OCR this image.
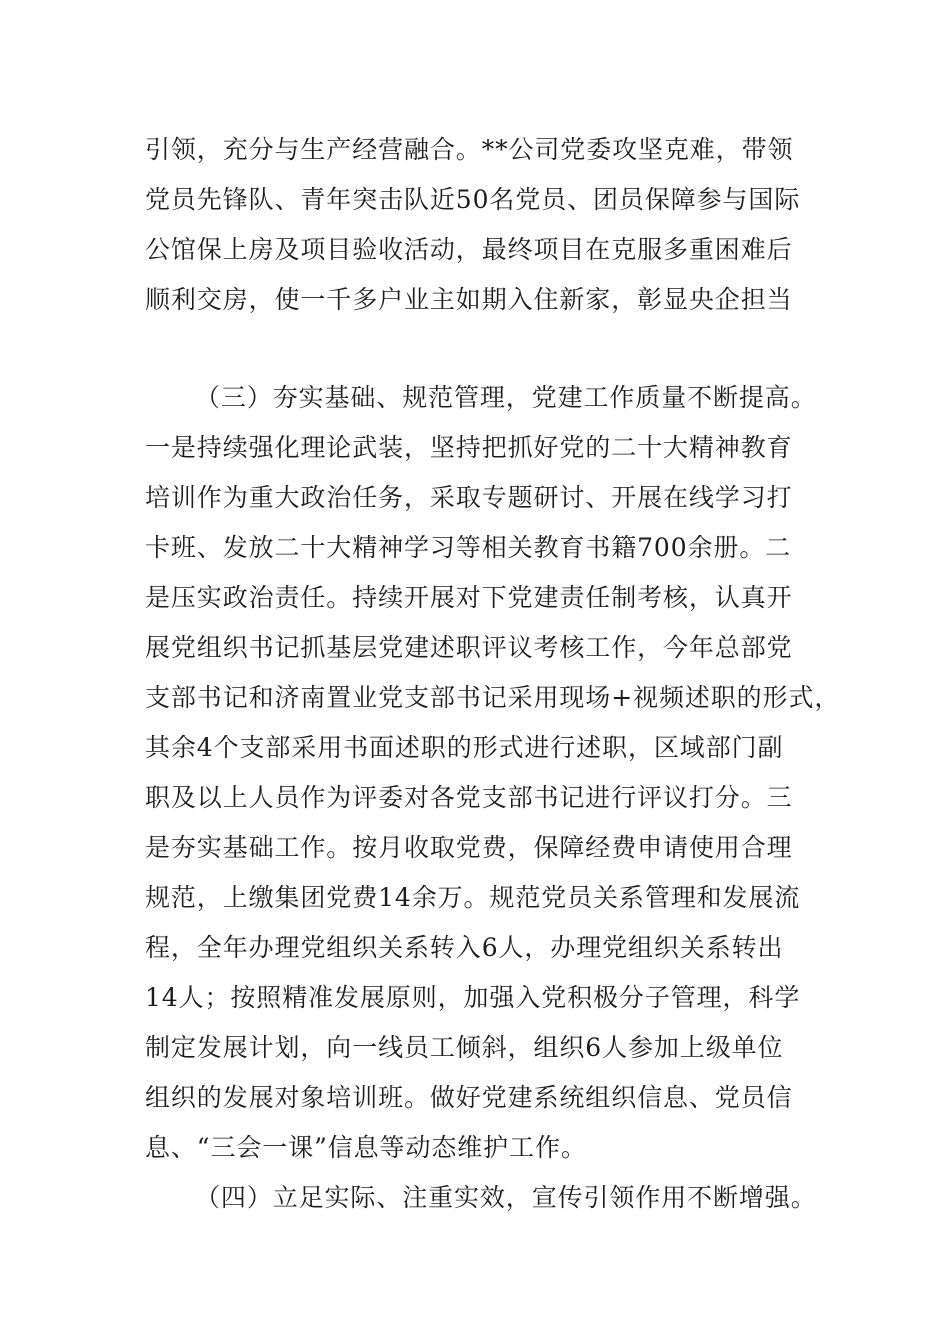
引领，充分与生产经营融合。**公司党委攻坚克难，带领

党员先锋队、青年突击队近50名党员、团员保障参与国际

公馆保上房及项目验收活动，最终项目在克服多重困难后

顺利交房，使一千多户业主如期入住新家，彰显央企担当

（三）夯实基础、规范管理，党建工作质量不断提高。

一是持续强化理论武装，坚持把抓好党的二十大精神教育

培训作为重大政治任务，采取专题研讨、开展在线学习打

卡班、发放二十大精神学习等相关教育书籍700余册。二

是压实政治责任。持续开展对下党建责任制考核，认真开

展党组织书记抓基层党建述职评议考核工作，今年总部党

支部书记和济南置业党支部书记采用现场+视频述职的形式，

其余4个支部采用书面述职的形式进行述职，区域部门副

职及以上人员作为评委对各党支部书记进行评议打分。三

是夯实基础工作。按月收取党费，保障经费申请使用合理

规范，上缴集团党费14余万。规范党员关系管理和发展流

程，全年办理党组织关系转入6人，办理党组织关系转出

14人；按照精准发展原则，加强入党积极分子管理，科学

制定发展计划，向一线员工倾斜，组织6人参加上级单位

组织的发展对象培训班。做好党建系统组织信息、党员信

息、“三会一课”信息等动态维护工作。

（四）立足实际、注重实效，宣传引领作用不断增强。
